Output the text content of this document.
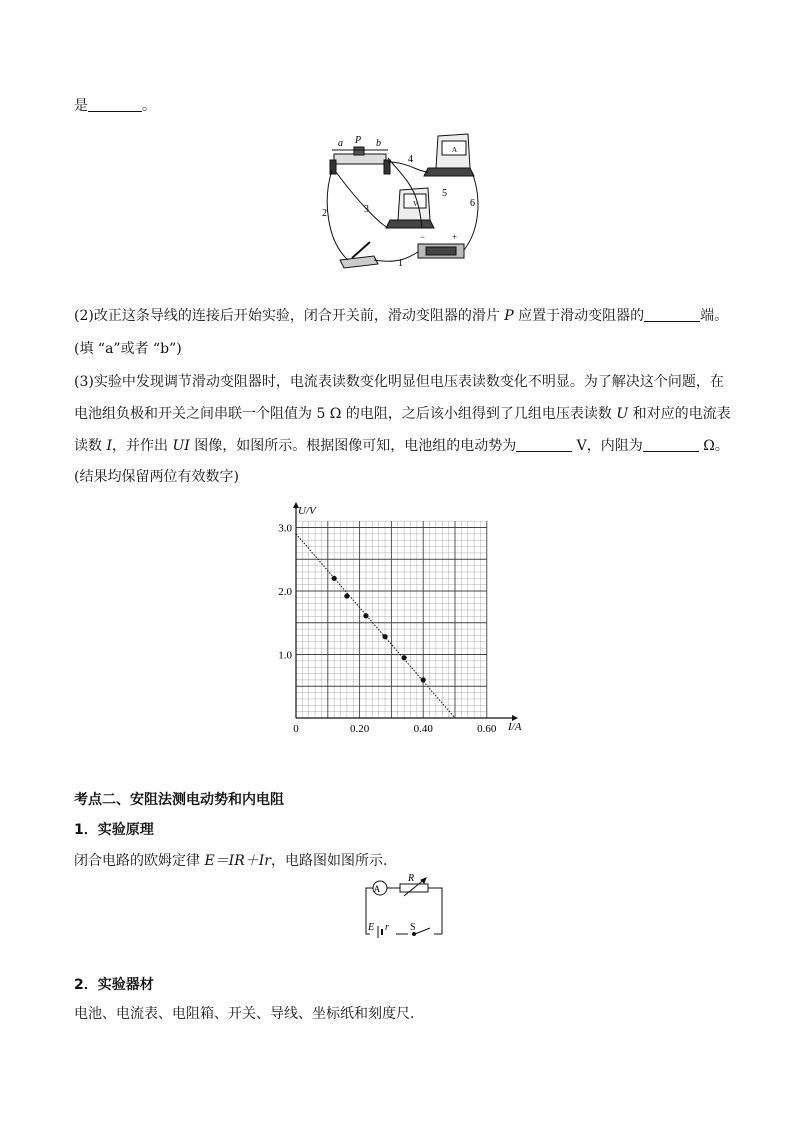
是	。
a P b
A
V
−	+
2	3
4
5
6
1
(2)改正这条导线的连接后开始实验，闭合开关前，滑动变阻器的滑片 P 应置于滑动变阻器的	端。
(填 “a”或者 “b”)
(3)实验中发现调节滑动变阻器时，电流表读数变化明显但电压表读数变化不明显。为了解决这个问题，在
电池组负极和开关之间串联一个阻值为 5 Ω 的电阻，之后该小组得到了几组电压表读数 U 和对应的电流表
读数 I，并作出 UI 图像，如图所示。根据图像可知，电池组的电动势为	V，内阻为	Ω。
(结果均保留两位有效数字)
0	0.20	0.40	0.60
1.0
2.0
3.0
U/V
I/A
考点二、安阻法测电动势和内电阻
1．实验原理
闭合电路的欧姆定律 E＝IR＋Ir，电路图如图所示．
A
R
E r S
2．实验器材
电池、电流表、电阻箱、开关、导线、坐标纸和刻度尺．
